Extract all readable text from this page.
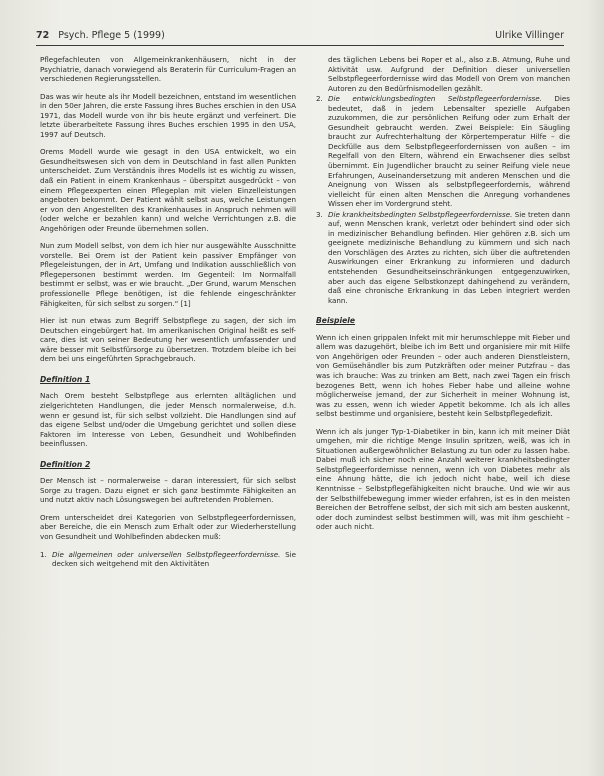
72 Psych. Pflege 5 (1999)	Ulrike Villinger

Pflegefachleuten von Allgemeinkrankenhäusern, nicht in der Psychiatrie, danach vorwiegend als Beraterin für Curriculum-Fragen an verschiedenen Regierungsstellen.

Das was wir heute als ihr Modell bezeichnen, entstand im wesentlichen in den 50er Jahren, die erste Fassung ihres Buches erschien in den USA 1971, das Modell wurde von ihr bis heute ergänzt und verfeinert. Die letzte überarbeitete Fassung ihres Buches erschien 1995 in den USA, 1997 auf Deutsch.

Orems Modell wurde wie gesagt in den USA entwickelt, wo ein Gesundheitswesen sich von dem in Deutschland in fast allen Punkten unterscheidet. Zum Verständnis ihres Modells ist es wichtig zu wissen, daß ein Patient in einem Krankenhaus – überspitzt ausgedrückt – von einem Pflegeexperten einen Pflegeplan mit vielen Einzelleistungen angeboten bekommt. Der Patient wählt selbst aus, welche Leistungen er von den Angestellten des Krankenhauses in Anspruch nehmen will (oder welche er bezahlen kann) und welche Verrichtungen z.B. die Angehörigen oder Freunde übernehmen sollen.

Nun zum Modell selbst, von dem ich hier nur ausgewählte Ausschnitte vorstelle. Bei Orem ist der Patient kein passiver Empfänger von Pflegeleistungen, der in Art, Umfang und Indikation ausschließlich von Pflegepersonen bestimmt werden. Im Gegenteil: Im Normalfall bestimmt er selbst, was er wie braucht. „Der Grund, warum Menschen professionelle Pflege benötigen, ist die fehlende eingeschränkter Fähigkeiten, für sich selbst zu sorgen.“ [1]

Hier ist nun etwas zum Begriff Selbstpflege zu sagen, der sich im Deutschen eingebürgert hat. Im amerikanischen Original heißt es self-care, dies ist von seiner Bedeutung her wesentlich umfassender und wäre besser mit Selbstfürsorge zu übersetzen. Trotzdem bleibe ich bei dem bei uns eingeführten Sprachgebrauch.

Definition 1

Nach Orem besteht Selbstpflege aus erlernten alltäglichen und zielgerichteten Handlungen, die jeder Mensch normalerweise, d.h. wenn er gesund ist, für sich selbst vollzieht. Die Handlungen sind auf das eigene Selbst und/oder die Umgebung gerichtet und sollen diese Faktoren im Interesse von Leben, Gesundheit und Wohlbefinden beeinflussen.

Definition 2

Der Mensch ist – normalerweise – daran interessiert, für sich selbst Sorge zu tragen. Dazu eignet er sich ganz bestimmte Fähigkeiten an und nutzt aktiv nach Lösungswegen bei auftretenden Problemen.

Orem unterscheidet drei Kategorien von Selbstpflegeerfordernissen, aber Bereiche, die ein Mensch zum Erhalt oder zur Wiederherstellung von Gesundheit und Wohlbefinden abdecken muß:

1. Die allgemeinen oder universellen Selbstpflegeerfordernisse. Sie decken sich weitgehend mit den Aktivitäten
des täglichen Lebens bei Roper et al., also z.B. Atmung, Ruhe und Aktivität usw. Aufgrund der Definition dieser universellen Selbstpflegeerfordernisse wird das Modell von Orem von manchen Autoren zu den Bedürfnismodellen gezählt.
2. Die entwicklungsbedingten Selbstpflegeerfordernisse. Dies bedeutet, daß in jedem Lebensalter spezielle Aufgaben zuzukommen, die zur persönlichen Reifung oder zum Erhalt der Gesundheit gebraucht werden. Zwei Beispiele: Ein Säugling braucht zur Aufrechterhaltung der Körpertemperatur Hilfe – die Deckfülle aus dem Selbstpflegeerfordernissen von außen – im Regelfall von den Eltern, während ein Erwachsener dies selbst übernimmt. Ein Jugendlicher braucht zu seiner Reifung viele neue Erfahrungen, Auseinandersetzung mit anderen Menschen und die Aneignung von Wissen als selbstpflegeerfordernis, während vielleicht für einen alten Menschen die Anregung vorhandenes Wissen eher im Vordergrund steht.
3. Die krankheitsbedingten Selbstpflegeerfordernisse. Sie treten dann auf, wenn Menschen krank, verletzt oder behindert sind oder sich in medizinischer Behandlung befinden. Hier gehören z.B. sich um geeignete medizinische Behandlung zu kümmern und sich nach den Vorschlägen des Arztes zu richten, sich über die auftretenden Auswirkungen einer Erkrankung zu informieren und dadurch entstehenden Gesundheitseinschränkungen entgegenzuwirken, aber auch das eigene Selbstkonzept dahingehend zu verändern, daß eine chronische Erkrankung in das Leben integriert werden kann.
Beispiele

Wenn ich einen grippalen Infekt mit mir herumschleppe mit Fieber und allem was dazugehört, bleibe ich im Bett und organisiere mir mit Hilfe von Angehörigen oder Freunden – oder auch anderen Dienstleistern, von Gemüsehändler bis zum Putzkräften oder meiner Putzfrau – das was ich brauche: Was zu trinken am Bett, nach zwei Tagen ein frisch bezogenes Bett, wenn ich hohes Fieber habe und alleine wohne möglicherweise jemand, der zur Sicherheit in meiner Wohnung ist, was zu essen, wenn ich wieder Appetit bekomme. Ich als ich alles selbst bestimme und organisiere, besteht kein Selbstpflegedefizit.

Wenn ich als junger Typ-1-Diabetiker in bin, kann ich mit meiner Diät umgehen, mir die richtige Menge Insulin spritzen, weiß, was ich in Situationen außergewöhnlicher Belastung zu tun oder zu lassen habe. Dabei muß ich sicher noch eine Anzahl weiterer krankheitsbedingter Selbstpflegeerfordernisse nennen, wenn ich von Diabetes mehr als eine Ahnung hätte, die ich jedoch nicht habe, weil ich diese Kenntnisse – Selbstpflegefähigkeiten nicht brauche. Und wie wir aus der Selbsthilfebewegung immer wieder erfahren, ist es in den meisten Bereichen der Betroffene selbst, der sich mit sich am besten auskennt, oder doch zumindest selbst bestimmen will, was mit ihm geschieht – oder auch nicht.
